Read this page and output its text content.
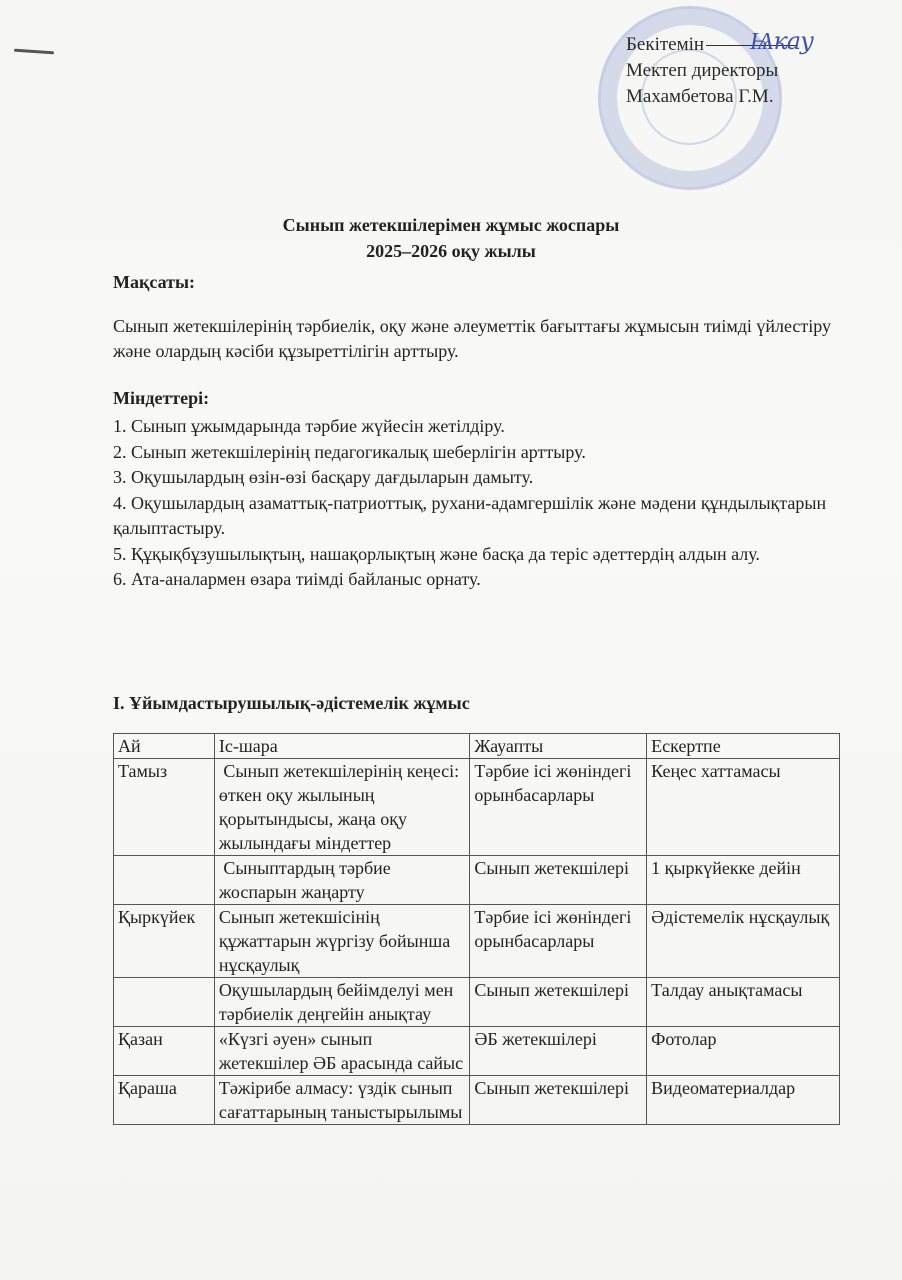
Бекітемін Ѩкау
Мектеп директоры
Махамбетова Г.М.
Сынып жетекшілерімен жұмыс жоспары
2025–2026 оқу жылы
Мақсаты:
Сынып жетекшілерінің тәрбиелік, оқу және әлеуметтік бағыттағы жұмысын тиімді үйлестіру және олардың кәсіби құзыреттілігін арттыру.
Міндеттері:
1. Сынып ұжымдарында тәрбие жүйесін жетілдіру.
2. Сынып жетекшілерінің педагогикалық шеберлігін арттыру.
3. Оқушылардың өзін-өзі басқару дағдыларын дамыту.
4. Оқушылардың азаматтық-патриоттық, рухани-адамгершілік және мәдени құндылықтарын қалыптастыру.
5. Құқықбұзушылықтың, нашақорлықтың және басқа да теріс әдеттердің алдын алу.
6. Ата-аналармен өзара тиімді байланыс орнату.
I. Ұйымдастырушылық-әдістемелік жұмыс
Ай	Іс-шара	Жауапты	Ескертпе
Тамыз	Сынып жетекшілерінің кеңесі: өткен оқу жылының қорытындысы, жаңа оқу жылындағы міндеттер	Тәрбие ісі жөніндегі орынбасарлары	Кеңес хаттамасы
	Сыныптардың тәрбие жоспарын жаңарту	Сынып жетекшілері	1 қыркүйекке дейін
Қыркүйек	Сынып жетекшісінің құжаттарын жүргізу бойынша нұсқаулық	Тәрбие ісі жөніндегі орынбасарлары	Әдістемелік нұсқаулық
	Оқушылардың бейімделуі мен тәрбиелік деңгейін анықтау	Сынып жетекшілері	Талдау анықтамасы
Қазан	«Күзгі әуен» сынып жетекшілер ӘБ арасында сайыс	ӘБ жетекшілері	Фотолар
Қараша	Тәжірибе алмасу: үздік сынып сағаттарының таныстырылымы	Сынып жетекшілері	Видеоматериалдар
